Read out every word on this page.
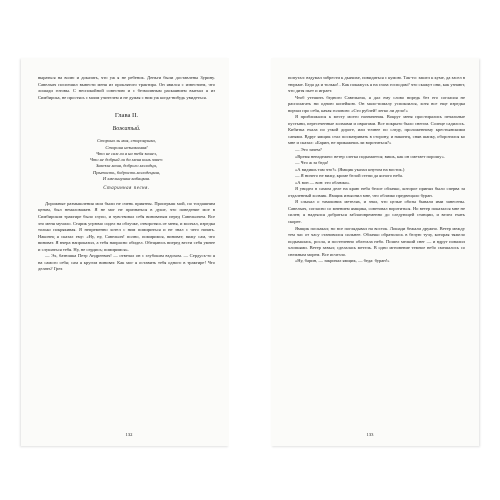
выраться на волю и доказать, что уж я не ребенок. Деньги были доставлены Зурину. Савельич поспешил вывести меня из проклятого трактира. Он явился с известием, что лошади готовы. С неспокойной совестию и с безмолвным раскаянием выехал я из Симбирска, не простясь с моим учителем и не думая с ним уж когда-нибудь увидеться.

Глава II.
Вожатый.
Сторона ль моя, сторонушка,
Сторона незнакомая!
Что не сам ли я на тебя зашел,
Что не добрый ли да меня конь завез:
Завезла меня, доброго молодца,
Прытость, бодрость молодецкая,
И хмелинушка кабацкая.
Старинная песня.

Дорожные размышления мои были не очень приятны. Проигрыш мой, по тогдашним ценам, был немаловажен. Я не мог не признаться в душе, что поведение мое в Симбирском трактире было глупо, и чувствовал себя виноватым перед Савельичем. Все это меня мучило. Старик угрюмо сидел на облучке, отворотясь от меня, и молчал, изредка только покрякивая. Я непременно хотел с ним помириться и не знал с чего начать. Наконец я сказал ему: «Ну, ну, Савельич! полно, помиримся, виноват; вижу сам, что виноват. Я вчера напроказил, а тебя напрасно обидел. Обещаюсь вперед вести себя умнее и слушаться тебя. Ну, не сердись; помиримся».

— Эх, батюшка Петр Андреевич! — отвечал он с глубоким вздохом. — Сердусь-то я на самого себя; сам я кругом виноват. Как мог я оставить тебя одного в трактире! Что делать? Грех

132

попутал: вздумал забрести к дьячихе, повидаться с кумою. Так-то: зашел к куме, да засел в тюрьме. Беда да и только!.. Как покажусь я на глаза господам? что скажут они, как узнают, что дитя пьет и играет.

Чтоб утешить бедного Савельича, я дал ему слово впредь без его согласия не располагать ни одною копейкою. Он мало-помалу успокоился, хотя все еще изредка ворчал про себя, качая головою: «Сто рублей! легко ли дело!»

Я приближался к месту моего назначения. Вокруг меня простирались печальные пустыни, пересеченные холмами и оврагами. Все покрыто было снегом. Солнце садилось. Кибитка ехала по узкой дороге, или точнее по следу, проложенному крестьянскими санями. Вдруг ямщик стал посматривать в сторону, и наконец, сняв шапку, оборотился ко мне и сказал: «Барин, не прикажешь ли воротиться?»

— Это зачем?

«Время ненадежно: ветер слегка подымается; вишь, как он сметает порошу».

— Что ж за беда!

«А видишь там что?» (Ямщик указал кнутом на восток.)

— Я ничего не вижу, кроме белой степи да ясного неба.

«А вон — вон: это облачко».

Я увидел в самом деле на краю неба белое облачко, которое принял было сперва за отдаленный холмик. Ямщик изъяснил мне, что облачко предвещало буран.

Я слыхал о тамошних метелях, и знал, что целые обозы бывали ими занесены. Савельич, согласно со мнением ямщика, советовал воротиться. Но ветер показался мне не силен; я надеялся добраться заблаговременно до следующей станции, и велел ехать скорее.

Ямщик поскакал; но все поглядывал на восток. Лошади бежали дружно. Ветер между тем час от часу становился сильнее. Облачко обратилось в белую тучу, которая тяжело подымалась, росла, и постепенно облегала небо. Пошел мелкий снег — и вдруг повалил хлопьями. Ветер завыл; сделалась метель. В одно мгновение темное небо смешалось со снежным морем. Все исчезло.

«Ну, барин, — закричал ямщик, — беда: буран!»

133
